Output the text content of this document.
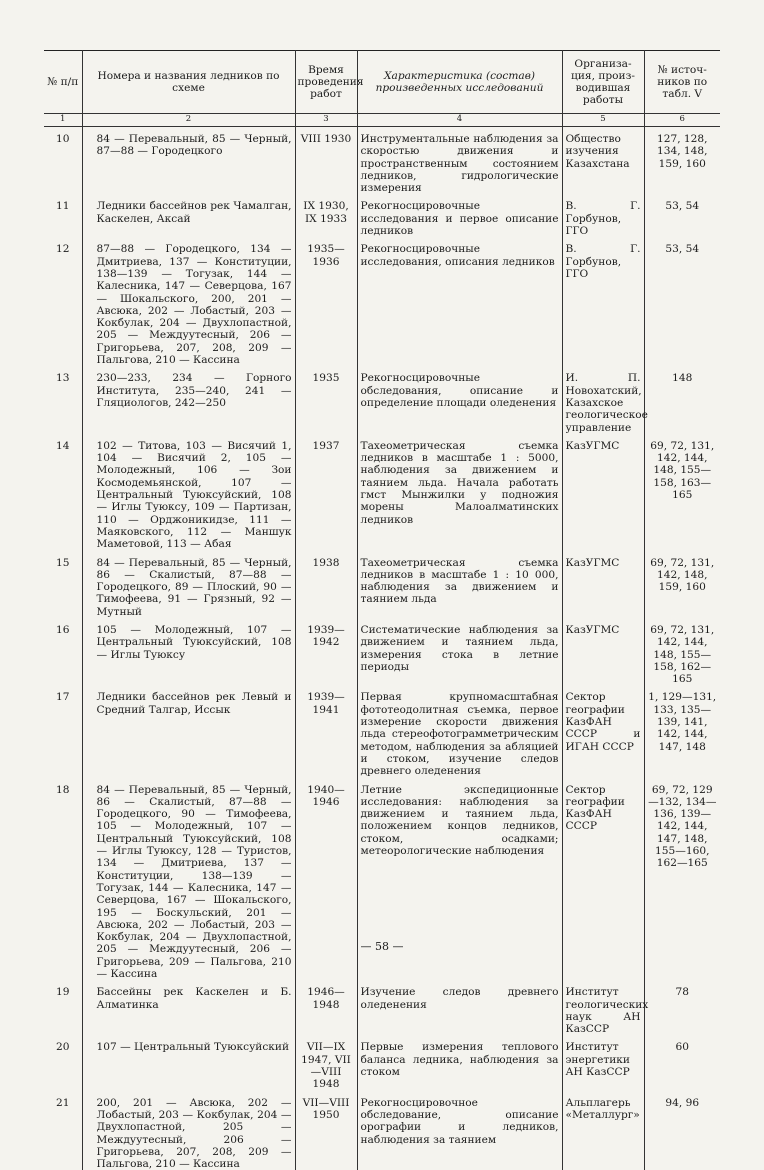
№ п/п	Номера и названия ледников по схеме	Время проведения работ	Характеристика (состав) произведенных исследований	Организа-ция, произ-водившая работы	№ источ-ников по табл. V
1	2	3	4	5	6
10	84 — Перевальный, 85 — Черный, 87—88 — Городецкого	VIII 1930	Инструментальные наблюдения за скоростью движения и пространственным состоянием ледников, гидрологические измерения	Общество изучения Казахстана	127, 128, 134, 148, 159, 160
11	Ледники бассейнов рек Чамалган, Каскелен, Аксай	IX 1930, IX 1933	Рекогносцировочные исследования и первое описание ледников	В. Г. Горбунов, ГГО	53, 54
12	87—88 — Городецкого, 134 — Дмитриева, 137 — Конституции, 138—139 — Тогузак, 144 — Калесника, 147 — Северцова, 167 — Шокальского, 200, 201 — Авсюка, 202 — Лобастый, 203 — Кокбулак, 204 — Двухлопастной, 205 — Междуутесный, 206 — Григорьева, 207, 208, 209 — Пальгова, 210 — Кассина	1935—1936	Рекогносцировочные исследования, описания ледников	В. Г. Горбунов, ГГО	53, 54
13	230—233, 234 — Горного Института, 235—240, 241 — Гляциологов, 242—250	1935	Рекогносцировочные обследования, описание и определение площади оледенения	И. П. Новохатский, Казахское геологическое управление	148
14	102 — Титова, 103 — Висячий 1, 104 — Висячий 2, 105 — Молодежный, 106 — Зои Космодемьянской, 107 — Центральный Туюксуйский, 108 — Иглы Туюксу, 109 — Партизан, 110 — Орджоникидзе, 111 — Маяковского, 112 — Маншук Маметовой, 113 — Абая	1937	Тахеометрическая съемка ледников в масштабе 1 : 5000, наблюдения за движением и таянием льда. Начала работать гмст Мынжилки у подножия морены Малоалматинских ледников	КазУГМС	69, 72, 131, 142, 144, 148, 155—158, 163—165
15	84 — Перевальный, 85 — Черный, 86 — Скалистый, 87—88 — Городецкого, 89 — Плоский, 90 — Тимофеева, 91 — Грязный, 92 — Мутный	1938	Тахеометрическая съемка ледников в масштабе 1 : 10 000, наблюдения за движением и таянием льда	КазУГМС	69, 72, 131, 142, 148, 159, 160
16	105 — Молодежный, 107 — Центральный Туюксуйский, 108 — Иглы Туюксу	1939—1942	Систематические наблюдения за движением и таянием льда, измерения стока в летние периоды	КазУГМС	69, 72, 131, 142, 144, 148, 155—158, 162—165
17	Ледники бассейнов рек Левый и Средний Талгар, Иссык	1939—1941	Первая крупномасштабная фототеодолитная съемка, первое измерение скорости движения льда стереофотограмметрическим методом, наблюдения за абляцией и стоком, изучение следов древнего оледенения	Сектор географии КазФАН СССР и ИГАН СССР	1, 129—131, 133, 135—139, 141, 142, 144, 147, 148
18	84 — Перевальный, 85 — Черный, 86 — Скалистый, 87—88 — Городецкого, 90 — Тимофеева, 105 — Молодежный, 107 — Центральный Туюксуйский, 108 — Иглы Туюксу, 128 — Туристов, 134 — Дмитриева, 137 — Конституции, 138—139 — Тогузак, 144 — Калесника, 147 — Северцова, 167 — Шокальского, 195 — Боскульский, 201 — Авсюка, 202 — Лобастый, 203 — Кокбулак, 204 — Двухлопастной, 205 — Междуутесный, 206 — Григорьева, 209 — Пальгова, 210 — Кассина	1940—1946	Летние экспедиционные исследования: наблюдения за движением и таянием льда, положением концов ледников, стоком, осадками; метеорологические наблюдения	Сектор географии КазФАН СССР	69, 72, 129—132, 134—136, 139—142, 144, 147, 148, 155—160, 162—165
19	Бассейны рек Каскелен и Б. Алматинка	1946—1948	Изучение следов древнего оледенения	Институт геологических наук АН КазССР	78
20	107 — Центральный Туюксуйский	VII—IX 1947, VII—VIII 1948	Первые измерения теплового баланса ледника, наблюдения за стоком	Институт энергетики АН КазССР	60
21	200, 201 — Авсюка, 202 — Лобастый, 203 — Кокбулак, 204 — Двухлопастной, 205 — Междуутесный, 206 — Григорьева, 207, 208, 209 — Пальгова, 210 — Кассина	VII—VIII 1950	Рекогносцировочное обследование, описание орографии и ледников, наблюдения за таянием	Альплагерь «Металлург»	94, 96
— 58 —
